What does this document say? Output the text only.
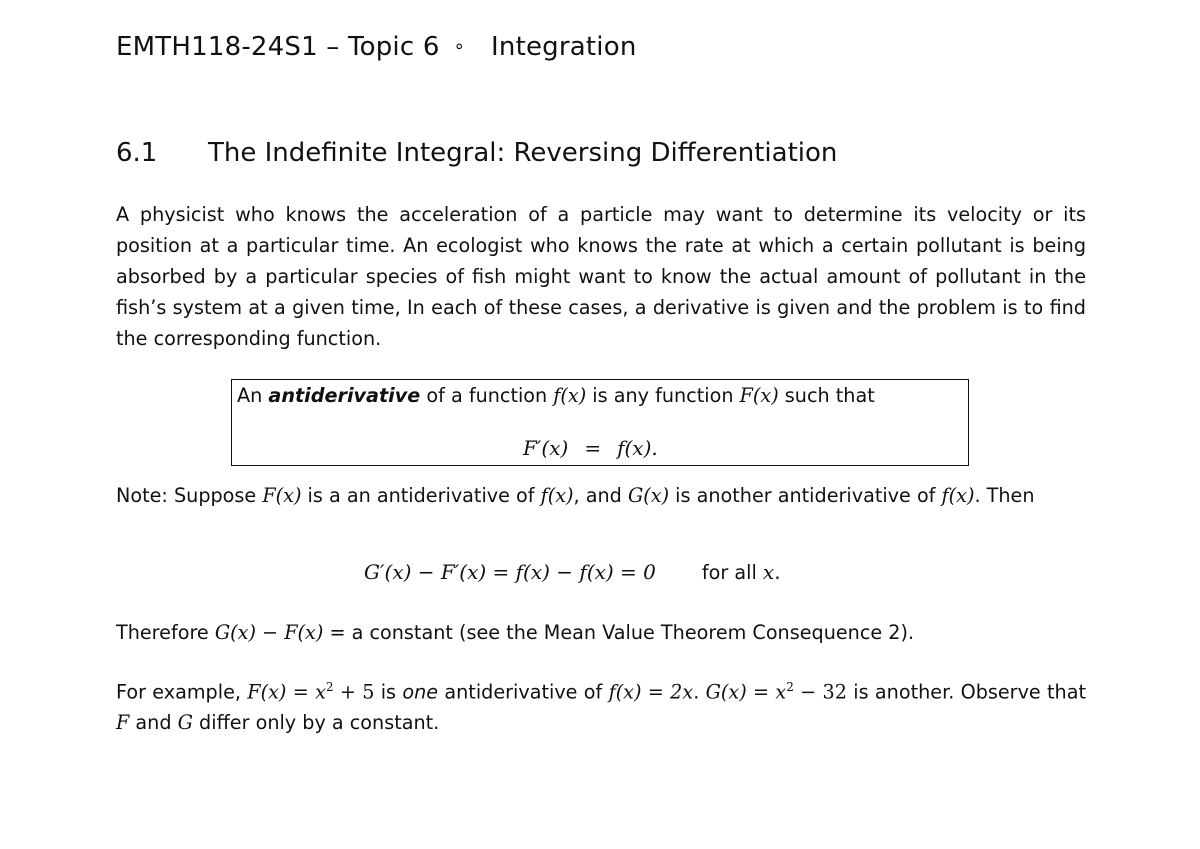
EMTH118-24S1 – Topic 6 ∘ Integration
6.1 The Indefinite Integral: Reversing Differentiation

A physicist who knows the acceleration of a particle may want to determine its velocity or its position at a particular time. An ecologist who knows the rate at which a certain pollutant is being absorbed by a particular species of fish might want to know the actual amount of pollutant in the fish’s system at a given time, In each of these cases, a derivative is given and the problem is to find the corresponding function.

An antiderivative of a function f(x) is any function F(x) such that
F′(x) = f(x).

Note: Suppose F(x) is a an antiderivative of f(x), and G(x) is another antiderivative of f(x). Then

G′(x) − F′(x) = f(x) − f(x) = 0 for all x.

Therefore G(x) − F(x) = a constant (see the Mean Value Theorem Consequence 2).

For example, $F(x) = x^2 + 5$ is one antiderivative of f(x) = 2x. $G(x) = x^2 - 32$ is another. Observe that F and G differ only by a constant.
